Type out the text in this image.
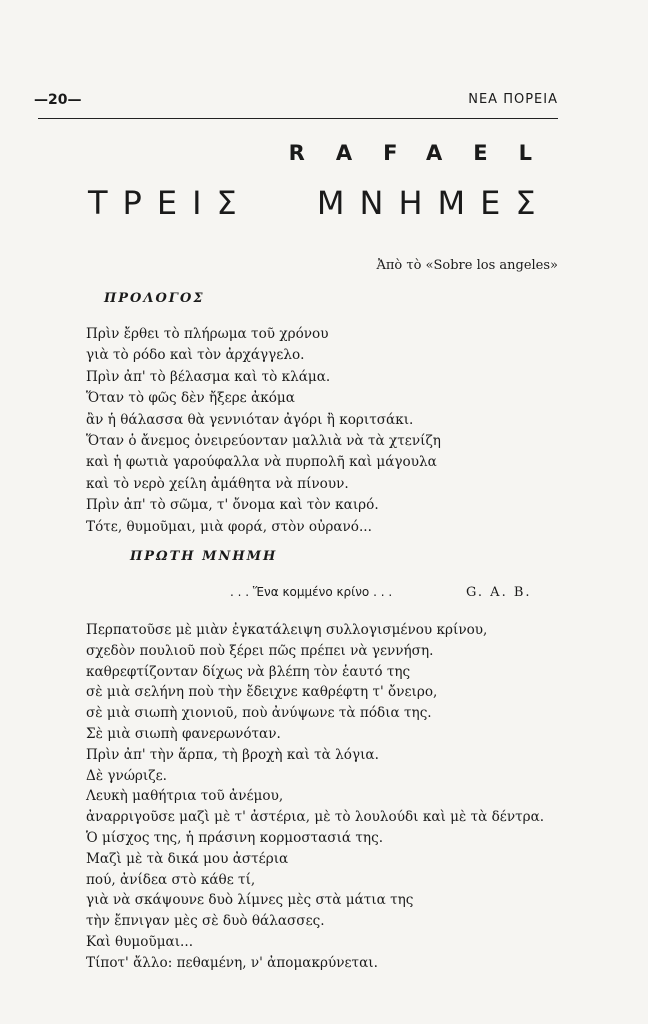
—20—	ΝΕΑ ΠΟΡΕΙΑ
RAFAEL
ΤΡΕΙΣ ΜΝΗΜΕΣ
Ἀπὸ τὸ «Sobre los angeles»
ΠΡΟΛΟΓΟΣ
Πρὶν ἔρθει τὸ πλήρωμα τοῦ χρόνου
γιὰ τὸ ρόδο καὶ τὸν ἀρχάγγελο.
Πρὶν ἀπ' τὸ βέλασμα καὶ τὸ κλάμα.
Ὅταν τὸ φῶς δὲν ἤξερε ἀκόμα
ἂν ἡ θάλασσα θὰ γεννιόταν ἀγόρι ἢ κοριτσάκι.
Ὅταν ὁ ἄνεμος ὀνειρεύονταν μαλλιὰ νὰ τὰ χτενίζη
καὶ ἡ φωτιὰ γαρούφαλλα νὰ πυρπολῆ καὶ μάγουλα
καὶ τὸ νερὸ χείλη ἀμάθητα νὰ πίνουν.
Πρὶν ἀπ' τὸ σῶμα, τ' ὄνομα καὶ τὸν καιρό.
Τότε, θυμοῦμαι, μιὰ φορά, στὸν οὐρανό...
ΠΡΩΤΗ ΜΝΗΜΗ
. . . Ἕνα κομμένο κρίνο . . .	G. A. B.
Περπατοῦσε μὲ μιὰν ἐγκατάλειψη συλλογισμένου κρίνου,
σχεδὸν πουλιοῦ ποὺ ξέρει πῶς πρέπει νὰ γεννήση.
καθρεφτίζονταν δίχως νὰ βλέπη τὸν ἑαυτό της
σὲ μιὰ σελήνη ποὺ τὴν ἔδειχνε καθρέφτη τ' ὄνειρο,
σὲ μιὰ σιωπὴ χιονιοῦ, ποὺ ἀνύψωνε τὰ πόδια της.
Σὲ μιὰ σιωπὴ φανερωνόταν.
Πρὶν ἀπ' τὴν ἅρπα, τὴ βροχὴ καὶ τὰ λόγια.
Δὲ γνώριζε.
Λευκὴ μαθήτρια τοῦ ἀνέμου,
ἀναρριγοῦσε μαζὶ μὲ τ' ἀστέρια, μὲ τὸ λουλούδι καὶ μὲ τὰ δέντρα.
Ὁ μίσχος της, ἡ πράσινη κορμοστασιά της.
Μαζὶ μὲ τὰ δικά μου ἀστέρια
πού, ἀνίδεα στὸ κάθε τί,
γιὰ νὰ σκάψουνε δυὸ λίμνες μὲς στὰ μάτια της
τὴν ἔπνιγαν μὲς σὲ δυὸ θάλασσες.
Καὶ θυμοῦμαι...
Τίποτ' ἄλλο: πεθαμένη, ν' ἀπομακρύνεται.
